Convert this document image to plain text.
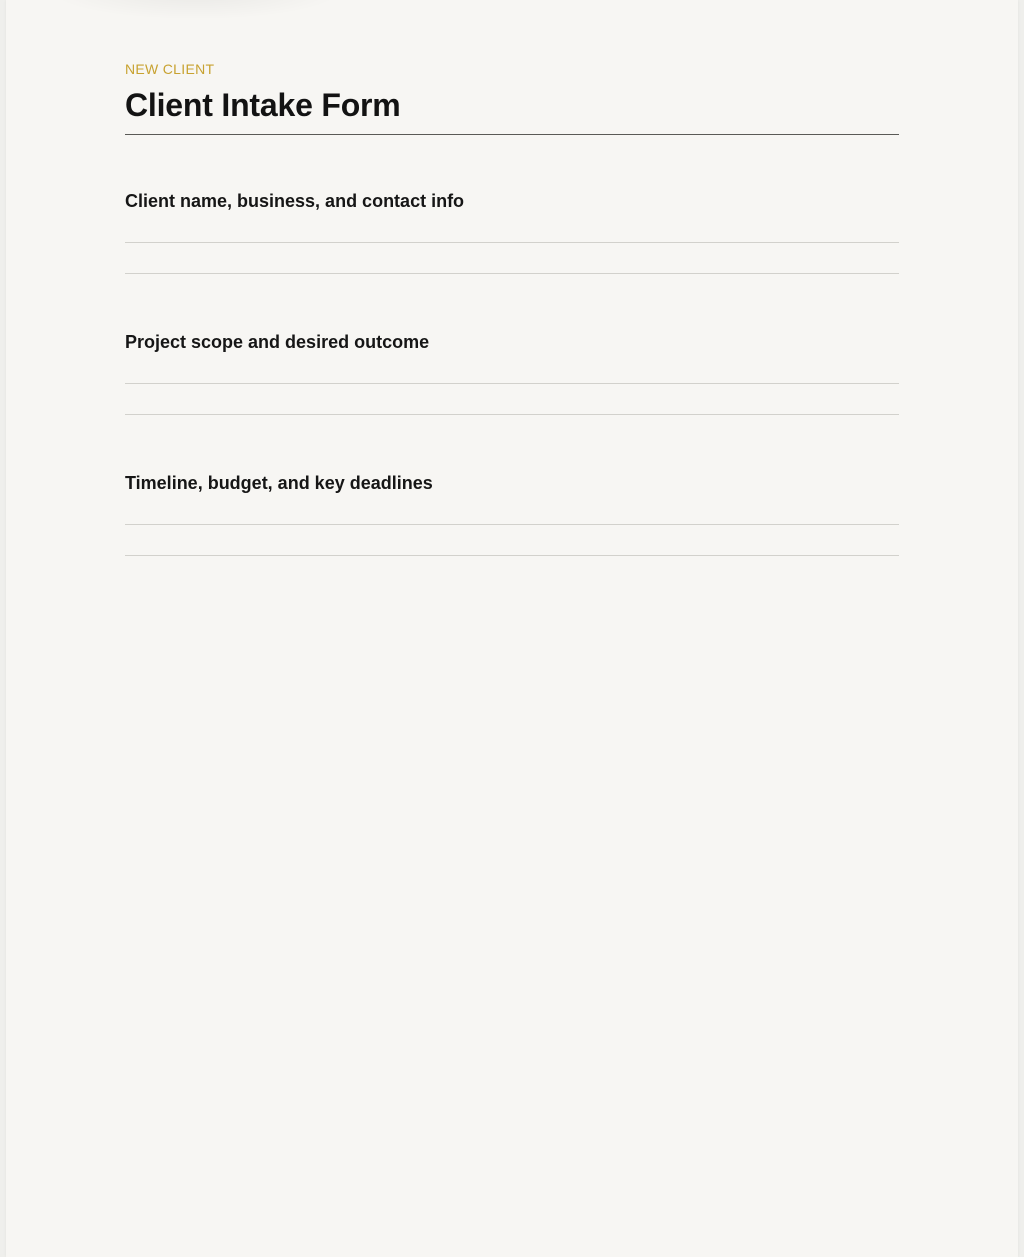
NEW CLIENT

Client Intake Form

Client name, business, and contact info

Project scope and desired outcome

Timeline, budget, and key deadlines
